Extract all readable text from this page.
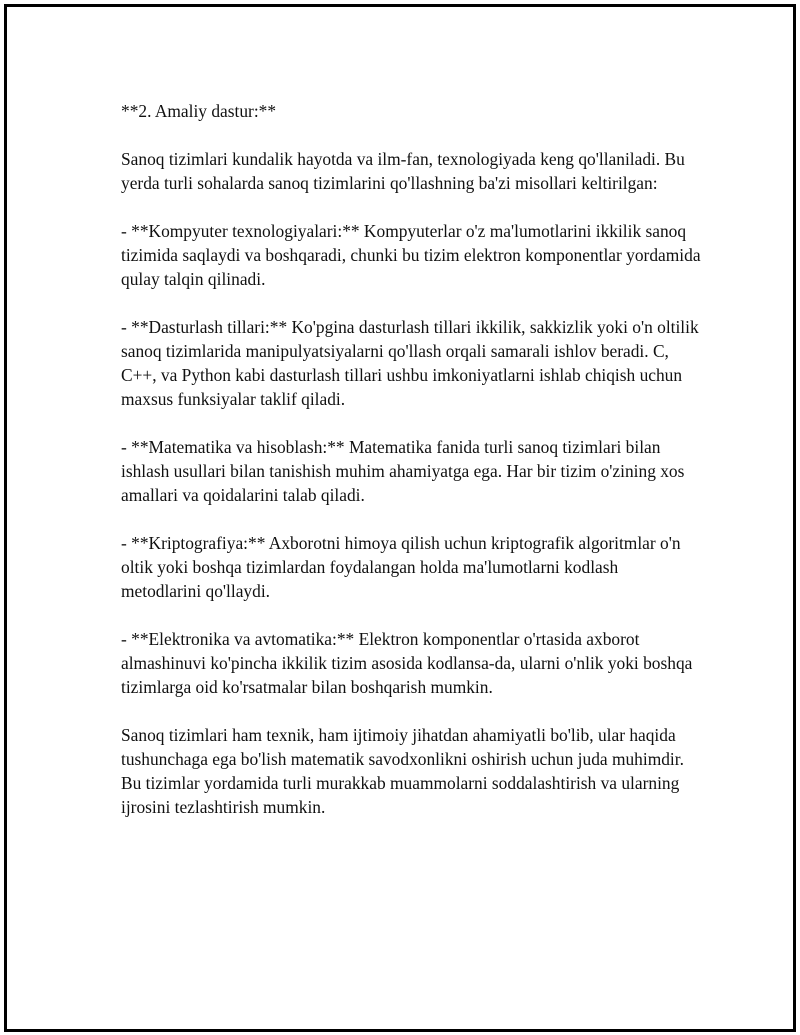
**2. Amaliy dastur:**

Sanoq tizimlari kundalik hayotda va ilm-fan, texnologiyada keng qo'llaniladi. Bu yerda turli sohalarda sanoq tizimlarini qo'llashning ba'zi misollari keltirilgan:

- **Kompyuter texnologiyalari:** Kompyuterlar o'z ma'lumotlarini ikkilik sanoq tizimida saqlaydi va boshqaradi, chunki bu tizim elektron komponentlar yordamida qulay talqin qilinadi.

- **Dasturlash tillari:** Ko'pgina dasturlash tillari ikkilik, sakkizlik yoki o'n oltilik sanoq tizimlarida manipulyatsiyalarni qo'llash orqali samarali ishlov beradi. C, C++, va Python kabi dasturlash tillari ushbu imkoniyatlarni ishlab chiqish uchun maxsus funksiyalar taklif qiladi.

- **Matematika va hisoblash:** Matematika fanida turli sanoq tizimlari bilan ishlash usullari bilan tanishish muhim ahamiyatga ega. Har bir tizim o'zining xos amallari va qoidalarini talab qiladi.

- **Kriptografiya:** Axborotni himoya qilish uchun kriptografik algoritmlar o'n oltik yoki boshqa tizimlardan foydalangan holda ma'lumotlarni kodlash metodlarini qo'llaydi.

- **Elektronika va avtomatika:** Elektron komponentlar o'rtasida axborot almashinuvi ko'pincha ikkilik tizim asosida kodlansa-da, ularni o'nlik yoki boshqa tizimlarga oid ko'rsatmalar bilan boshqarish mumkin.

Sanoq tizimlari ham texnik, ham ijtimoiy jihatdan ahamiyatli bo'lib, ular haqida tushunchaga ega bo'lish matematik savodxonlikni oshirish uchun juda muhimdir. Bu tizimlar yordamida turli murakkab muammolarni soddalashtirish va ularning ijrosini tezlashtirish mumkin.
